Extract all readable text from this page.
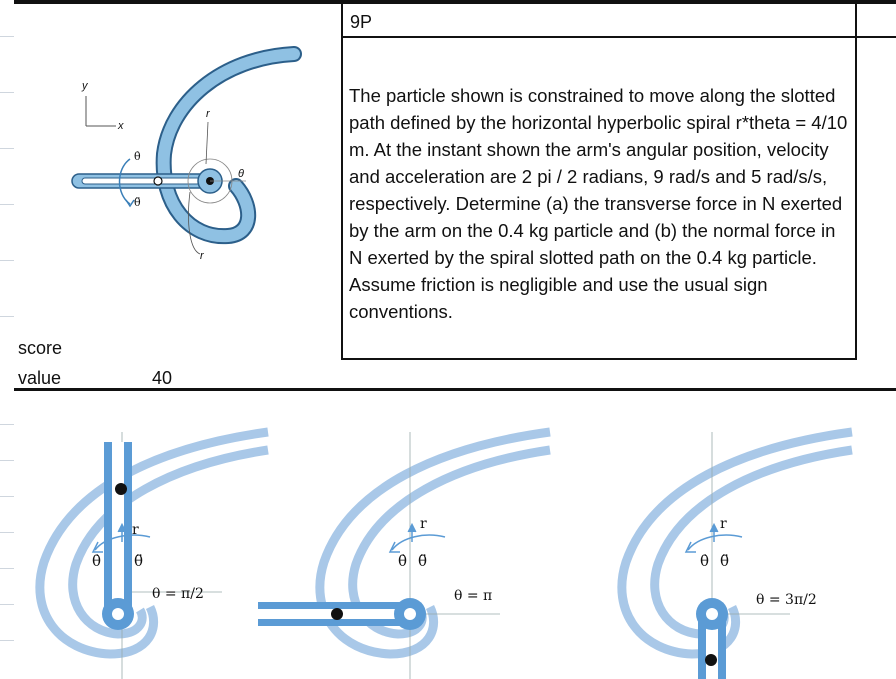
y
x
r
r
θ
θ̇
θ̈
9P
The particle shown is constrained to move along the slotted path defined by the horizontal hyperbolic spiral r*theta = 4/10 m. At the instant shown the arm's angular position, velocity and acceleration are 2 pi / 2 radians, 9 rad/s and 5 rad/s/s, respectively. Determine (a) the transverse force in N exerted by the arm on the 0.4 kg particle and (b) the normal force in N exerted by the spiral slotted path on the 0.4 kg particle. Assume friction is negligible and use the usual sign conventions.
score
value	40
r
θ̇ θ̈
θ = π/2
r
θ̇ θ̈
θ = π
r
θ̇ θ̈
θ = 3π/2
